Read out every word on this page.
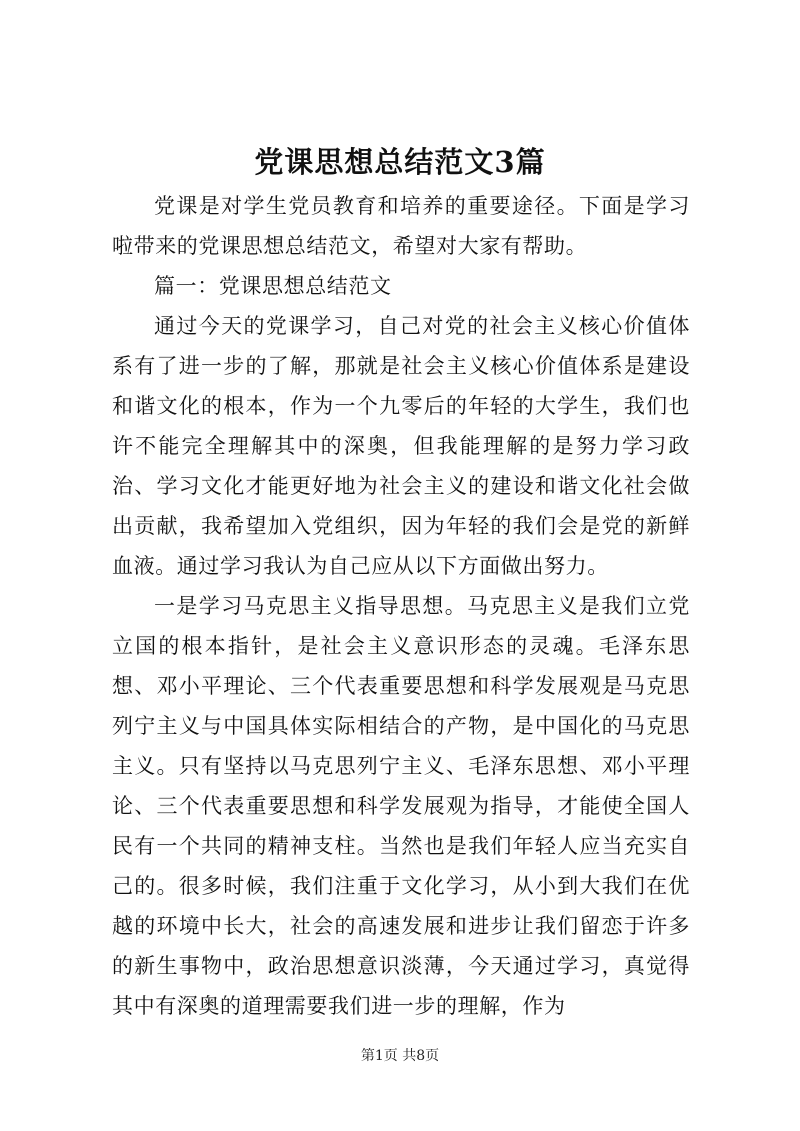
党课思想总结范文3篇

党课是对学生党员教育和培养的重要途径。下面是学习啦带来的党课思想总结范文，希望对大家有帮助。

篇一：党课思想总结范文

通过今天的党课学习，自己对党的社会主义核心价值体系有了进一步的了解，那就是社会主义核心价值体系是建设和谐文化的根本，作为一个九零后的年轻的大学生，我们也许不能完全理解其中的深奥，但我能理解的是努力学习政治、学习文化才能更好地为社会主义的建设和谐文化社会做出贡献，我希望加入党组织，因为年轻的我们会是党的新鲜血液。通过学习我认为自己应从以下方面做出努力。

一是学习马克思主义指导思想。马克思主义是我们立党立国的根本指针，是社会主义意识形态的灵魂。毛泽东思想、邓小平理论、三个代表重要思想和科学发展观是马克思列宁主义与中国具体实际相结合的产物，是中国化的马克思主义。只有坚持以马克思列宁主义、毛泽东思想、邓小平理论、三个代表重要思想和科学发展观为指导，才能使全国人民有一个共同的精神支柱。当然也是我们年轻人应当充实自己的。很多时候，我们注重于文化学习，从小到大我们在优越的环境中长大，社会的高速发展和进步让我们留恋于许多的新生事物中，政治思想意识淡薄，今天通过学习，真觉得其中有深奥的道理需要我们进一步的理解，作为

第1页 共8页
